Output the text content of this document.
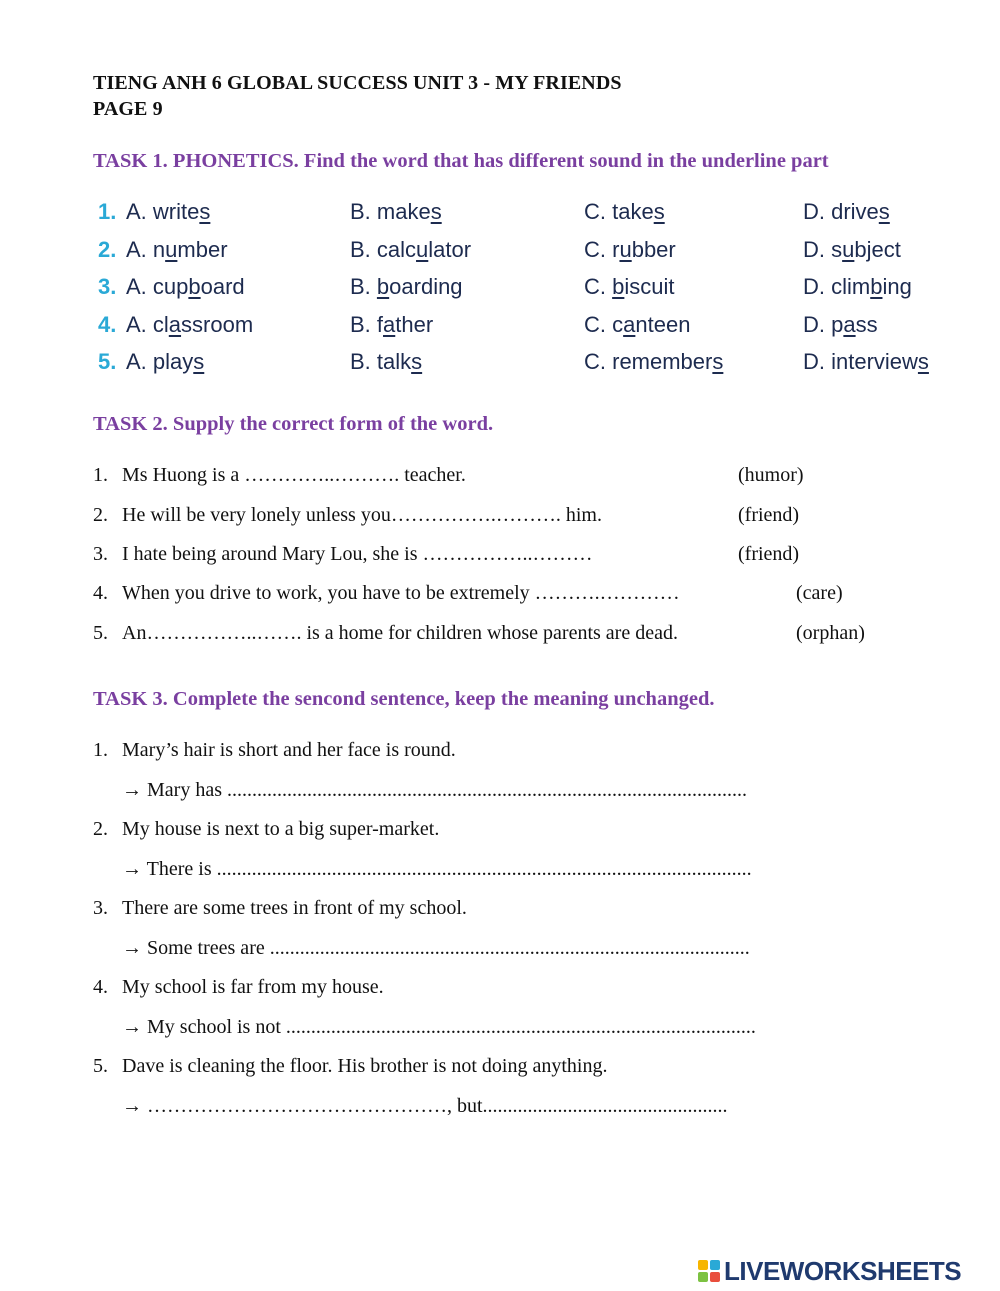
TIENG ANH 6 GLOBAL SUCCESS UNIT 3 - MY FRIENDS
PAGE 9
TASK 1. PHONETICS. Find the word that has different sound in the underline part
1. A. writes	B. makes	C. takes	D. drives
2. A. number	B. calculator	C. rubber	D. subject
3. A. cupboard	B. boarding	C. biscuit	D. climbing
4. A. classroom	B. father	C. canteen	D. pass
5. A. plays	B. talks	C. remembers	D. interviews
TASK 2. Supply the correct form of the word.
1. Ms Huong is a …………..………. teacher.	(humor)
2. He will be very lonely unless you…………….………. him.	(friend)
3. I hate being around Mary Lou, she is ……………..………	(friend)
4. When you drive to work, you have to be extremely ……….…………	(care)
5. An……………..……. is a home for children whose parents are dead.	(orphan)
TASK 3. Complete the sencond sentence, keep the meaning unchanged.
1. Mary’s hair is short and her face is round.
→ Mary has ........................................................................................................
2. My house is next to a big super-market.
→ There is ...........................................................................................................
3. There are some trees in front of my school.
→ Some trees are ................................................................................................
4. My school is far from my house.
→ My school is not ..............................................................................................
5. Dave is cleaning the floor. His brother is not doing anything.
→ ………………………………………, but.................................................
LIVEWORKSHEETS
